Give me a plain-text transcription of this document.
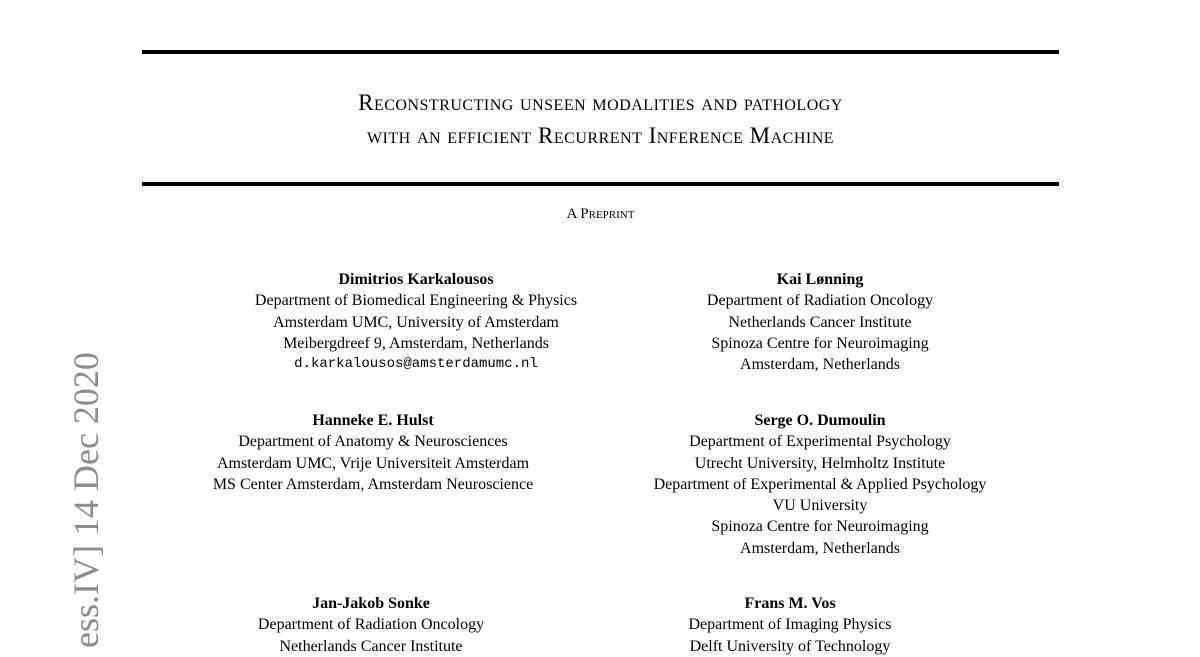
Reconstructing unseen modalities and pathology
with an efficient Recurrent Inference Machine
A Preprint
Dimitrios Karkalousos
Department of Biomedical Engineering & Physics
Amsterdam UMC, University of Amsterdam
Meibergdreef 9, Amsterdam, Netherlands
d.karkalousos@amsterdamumc.nl
Kai Lønning
Department of Radiation Oncology
Netherlands Cancer Institute
Spinoza Centre for Neuroimaging
Amsterdam, Netherlands
Hanneke E. Hulst
Department of Anatomy & Neurosciences
Amsterdam UMC, Vrije Universiteit Amsterdam
MS Center Amsterdam, Amsterdam Neuroscience
Serge O. Dumoulin
Department of Experimental Psychology
Utrecht University, Helmholtz Institute
Department of Experimental & Applied Psychology
VU University
Spinoza Centre for Neuroimaging
Amsterdam, Netherlands
Jan-Jakob Sonke
Department of Radiation Oncology
Netherlands Cancer Institute
Frans M. Vos
Department of Imaging Physics
Delft University of Technology
ess.IV] 14 Dec 2020
